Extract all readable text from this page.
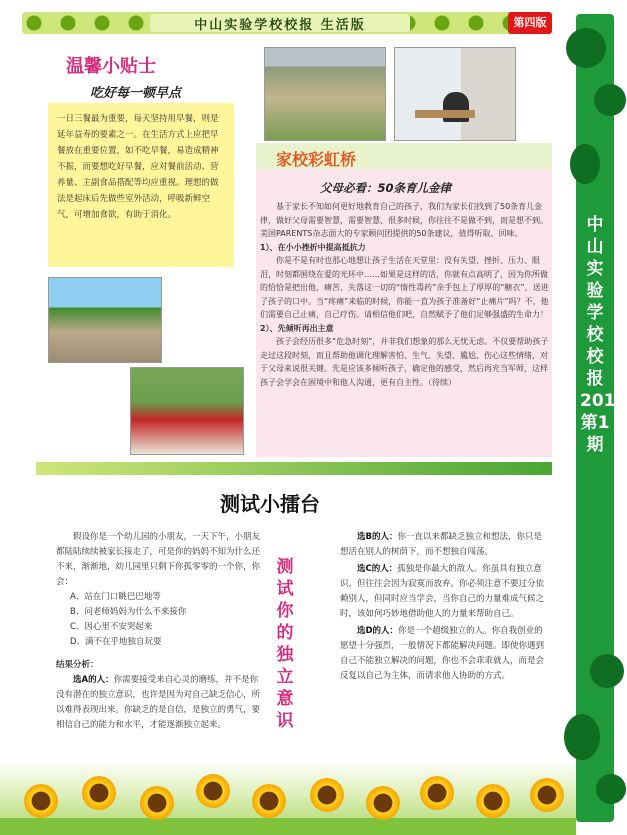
中山实验学校校报 生活版	第四版
中山实验学校校报 2011第1期
温馨小贴士
吃好每一顿早点
一日三餐最为重要，每天坚持用早餐，则是延年益寿的要素之一。在生活方式上应把早餐放在重要位置，如不吃早餐，易造成精神不振，而要想吃好早餐，应对餐前活动、营养量、主副食品搭配等均应重视。理想的做法是起床后先做些室外活动，呼吸新鲜空气，可增加食欲，有助于消化。
家校彩虹桥
父母必看：50条育儿金律

基于家长不知如何更好地教育自己的孩子，我们为家长们找到了50条育儿金律，做好父母需要智慧，需要智慧、很多时候，你往往不是做不到，而是想不到。美国PARENTS杂志面大的专家顾问团提供的50条建议，值得听取、回味。

1）、在小小挫折中提高抵抗力

你是不是有时也那心地想让孩子生活在天堂里：没有失望、挫折、压力、眼泪，时刻都围绕在爱的光环中……如果是这样的话，你就有点高明了，因为你所做的恰恰是把出他，痛苦、失落这一切的“惰性毒药”亲手包上了厚厚的“糖衣”，送进了孩子的口中。当“疼痛”来临的时候，你能一直为孩子准备好“止痛片”吗？不，他们需要自己止痛，自己疗伤。请相信他们吧，自然赋予了他们足够强盛的生命力！

2）、先倾听再出主意

孩子会经历很多“危急时刻”，并非我们想象的那么无忧无虑。不仅要帮助孩子走过这段时刻，而且帮助他调化理解害怕、生气、失望、尴尬、伤心这些情绪，对于父母来说很关键。先是应该多倾听孩子，确定他的感受，然后再充当军师，这样孩子会学会在困境中和他人沟通，更有自主性。（待续）

测试小擂台
测试你的独立意识

假设你是一个幼儿园的小朋友，一天下午，小朋友都陆陆续续被家长接走了，可是你的妈妈不知为什么还不来，渐渐地，幼儿园里只剩下你孤零零的一个你，你会：

A、站在门口眺巴巴地等

B、问老师妈妈为什么不来接你

C、因心里不安哭起来

D、满不在乎地独自玩耍

结果分析：

选A的人：你需要接受来自心灵的磨练，并不是你没有潜在的独立意识，也许是因为对自己缺乏信心，所以难得表现出来。你缺乏的是自信，是独立的勇气，要相信自己的能力和水平，才能逐渐独立起来。

选B的人：你一直以来都缺乏独立和想法，你只是想活在别人的树荫下，而不想独自闯荡。

选C的人：孤独是你最大的敌人。你虽具有独立意识，但往往会因为寂寞而放弃。你必须注意不要过分依赖别人，但同时应当学会，当你自己的力量难成气候之时，该如何巧妙地借助他人的力量来帮助自己。

选D的人：你是一个超级独立的人。你自我创业的愿望十分强烈，一般情况下都能解决问题。即使你遇到自己不能独立解决的问题，你也不会乖乖就人，而是会反复以自己为主体，而请求他人协助的方式。
